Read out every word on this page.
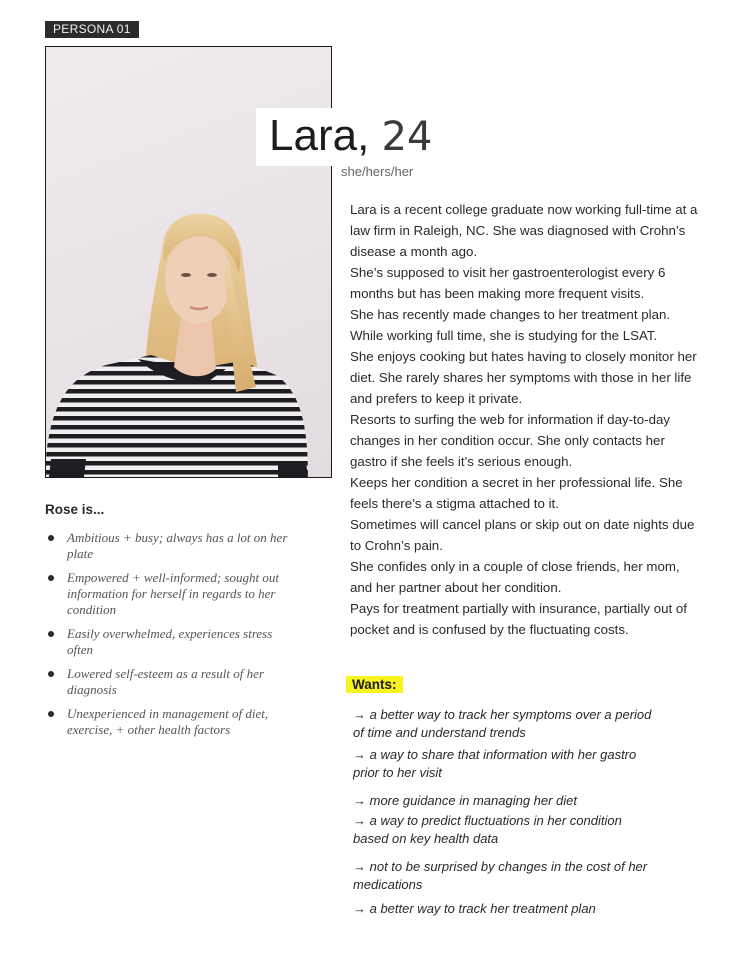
PERSONA 01
Lara, 24
she/hers/her

Lara is a recent college graduate now working full-time at a law firm in Raleigh, NC. She was diagnosed with Crohn’s disease a month ago.

She’s supposed to visit her gastroenterologist every 6 months but has been making more frequent visits.

She has recently made changes to her treatment plan.

While working full time, she is studying for the LSAT.

She enjoys cooking but hates having to closely monitor her diet. She rarely shares her symptoms with those in her life and prefers to keep it private.

Resorts to surfing the web for information if day-to-day changes in her condition occur. She only contacts her gastro if she feels it’s serious enough.

Keeps her condition a secret in her professional life. She feels there’s a stigma attached to it.

Sometimes will cancel plans or skip out on date nights due to Crohn’s pain.

She confides only in a couple of close friends, her mom, and her partner about her condition.

Pays for treatment partially with insurance, partially out of pocket and is confused by the fluctuating costs.

Rose is...
Ambitious + busy; always has a lot on her plate
Empowered + well-informed; sought out information for herself in regards to her condition
Easily overwhelmed, experiences stress often
Lowered self-esteem as a result of her diagnosis
Unexperienced in management of diet, exercise, + other health factors
Wants:
→ a better way to track her symptoms over a period of time and understand trends
→ a way to share that information with her gastro prior to her visit
→ more guidance in managing her diet
→ a way to predict fluctuations in her condition based on key health data
→ not to be surprised by changes in the cost of her medications
→ a better way to track her treatment plan
